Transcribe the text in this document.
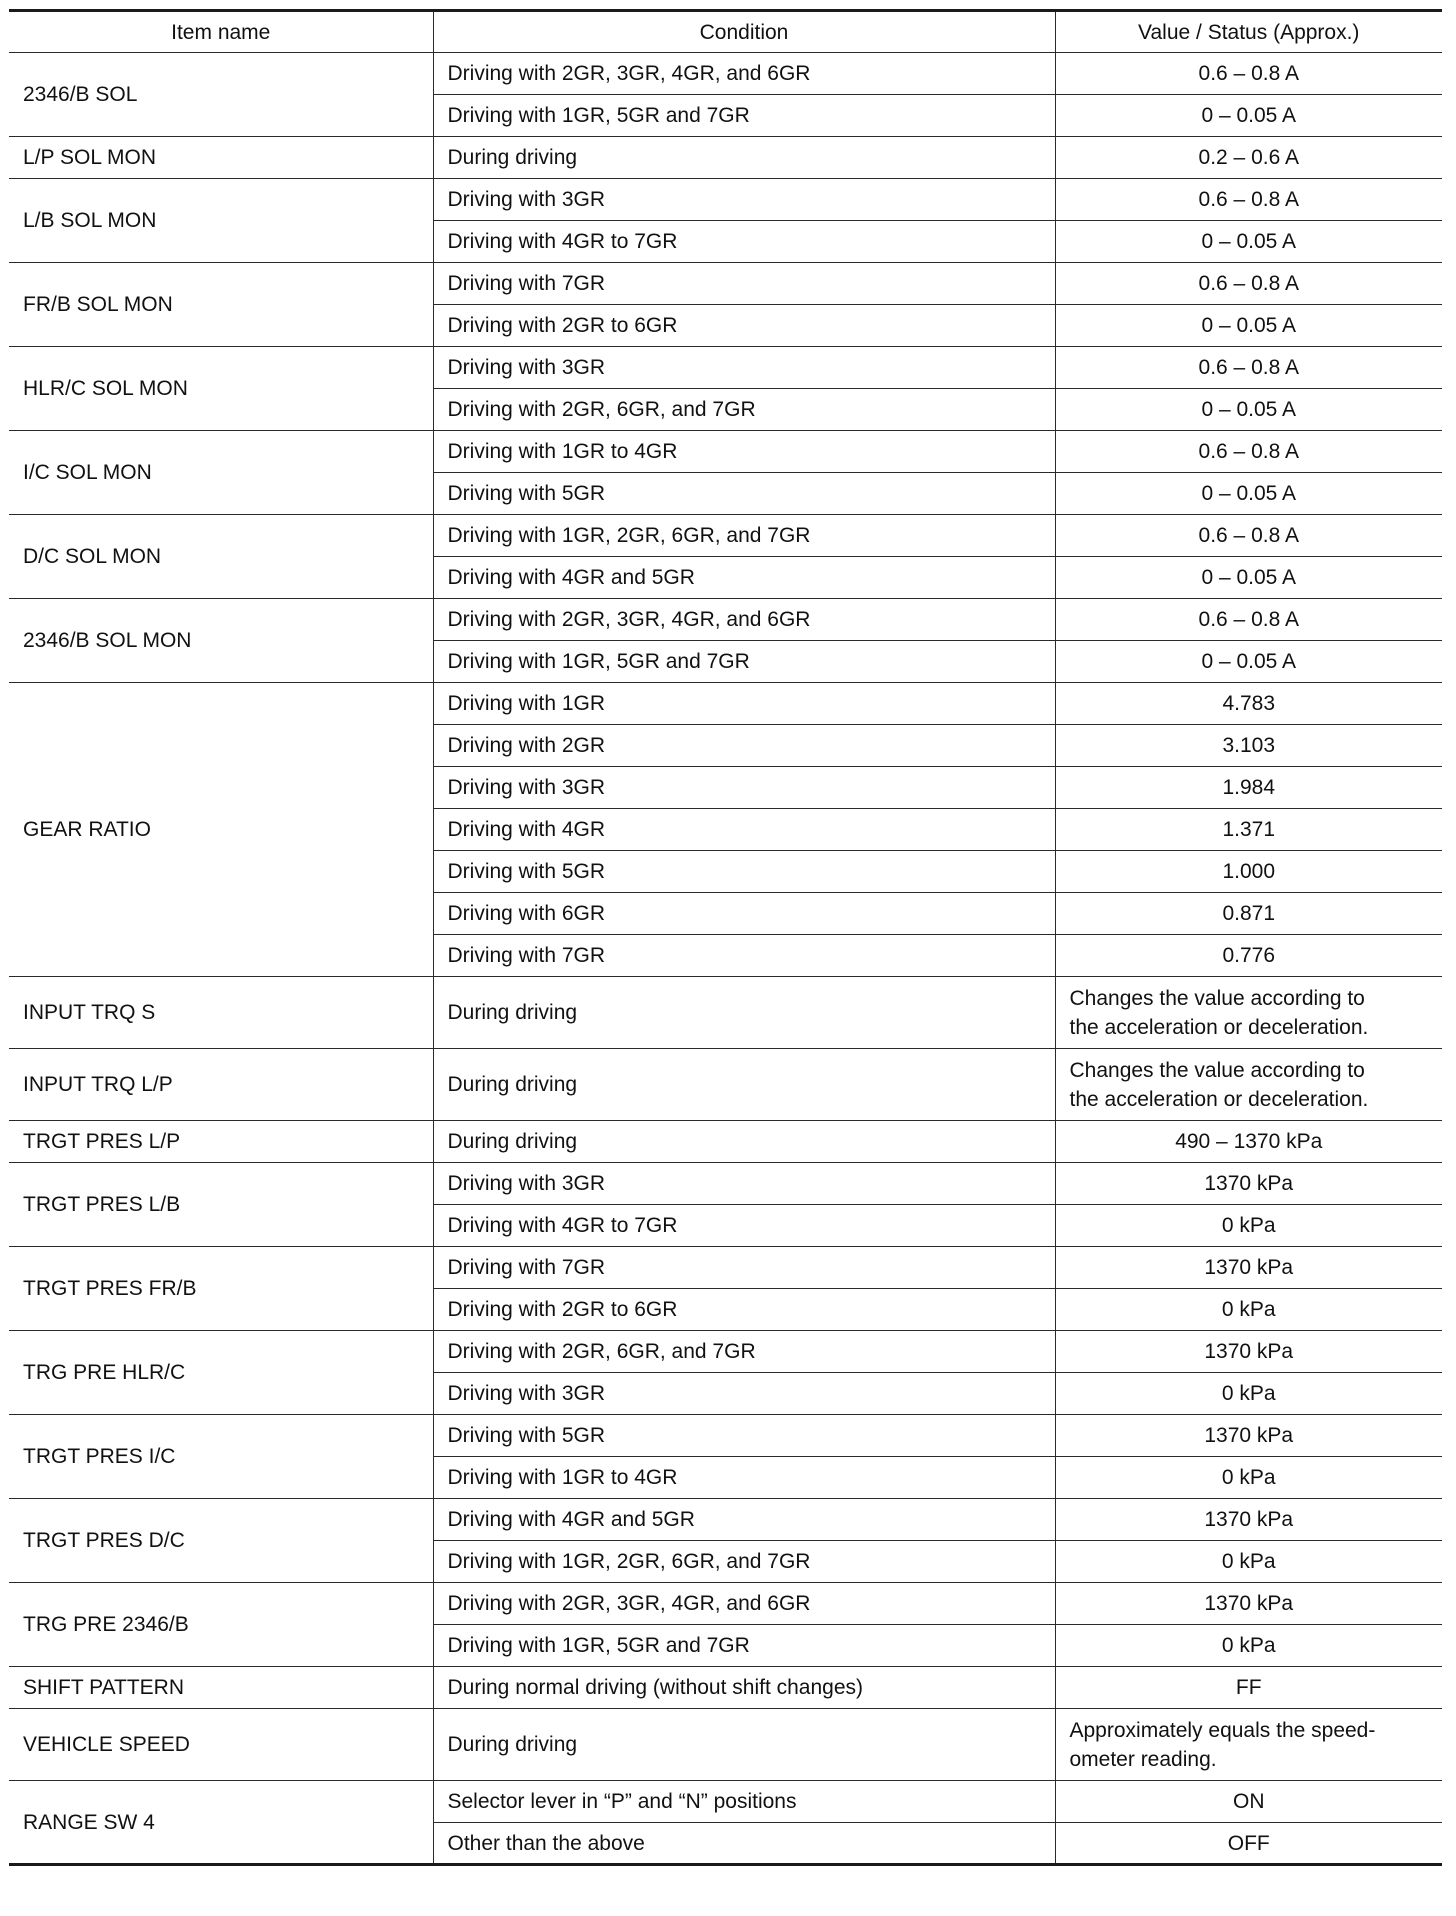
Item name	Condition	Value / Status (Approx.)
2346/B SOL	Driving with 2GR, 3GR, 4GR, and 6GR	0.6 – 0.8 A
	Driving with 1GR, 5GR and 7GR	0 – 0.05 A
L/P SOL MON	During driving	0.2 – 0.6 A
L/B SOL MON	Driving with 3GR	0.6 – 0.8 A
	Driving with 4GR to 7GR	0 – 0.05 A
FR/B SOL MON	Driving with 7GR	0.6 – 0.8 A
	Driving with 2GR to 6GR	0 – 0.05 A
HLR/C SOL MON	Driving with 3GR	0.6 – 0.8 A
	Driving with 2GR, 6GR, and 7GR	0 – 0.05 A
I/C SOL MON	Driving with 1GR to 4GR	0.6 – 0.8 A
	Driving with 5GR	0 – 0.05 A
D/C SOL MON	Driving with 1GR, 2GR, 6GR, and 7GR	0.6 – 0.8 A
	Driving with 4GR and 5GR	0 – 0.05 A
2346/B SOL MON	Driving with 2GR, 3GR, 4GR, and 6GR	0.6 – 0.8 A
	Driving with 1GR, 5GR and 7GR	0 – 0.05 A
GEAR RATIO	Driving with 1GR	4.783
	Driving with 2GR	3.103
	Driving with 3GR	1.984
	Driving with 4GR	1.371
	Driving with 5GR	1.000
	Driving with 6GR	0.871
	Driving with 7GR	0.776
INPUT TRQ S	During driving	Changes the value according to
the acceleration or deceleration.

INPUT TRQ L/P	During driving	Changes the value according to
the acceleration or deceleration.

TRGT PRES L/P	During driving	490 – 1370 kPa
TRGT PRES L/B	Driving with 3GR	1370 kPa
	Driving with 4GR to 7GR	0 kPa
TRGT PRES FR/B	Driving with 7GR	1370 kPa
	Driving with 2GR to 6GR	0 kPa
TRG PRE HLR/C	Driving with 2GR, 6GR, and 7GR	1370 kPa
	Driving with 3GR	0 kPa
TRGT PRES I/C	Driving with 5GR	1370 kPa
	Driving with 1GR to 4GR	0 kPa
TRGT PRES D/C	Driving with 4GR and 5GR	1370 kPa
	Driving with 1GR, 2GR, 6GR, and 7GR	0 kPa
TRG PRE 2346/B	Driving with 2GR, 3GR, 4GR, and 6GR	1370 kPa
	Driving with 1GR, 5GR and 7GR	0 kPa
SHIFT PATTERN	During normal driving (without shift changes)	FF
VEHICLE SPEED	During driving	Approximately equals the speed-
ometer reading.

RANGE SW 4	Selector lever in “P” and “N” positions	ON
	Other than the above	OFF
